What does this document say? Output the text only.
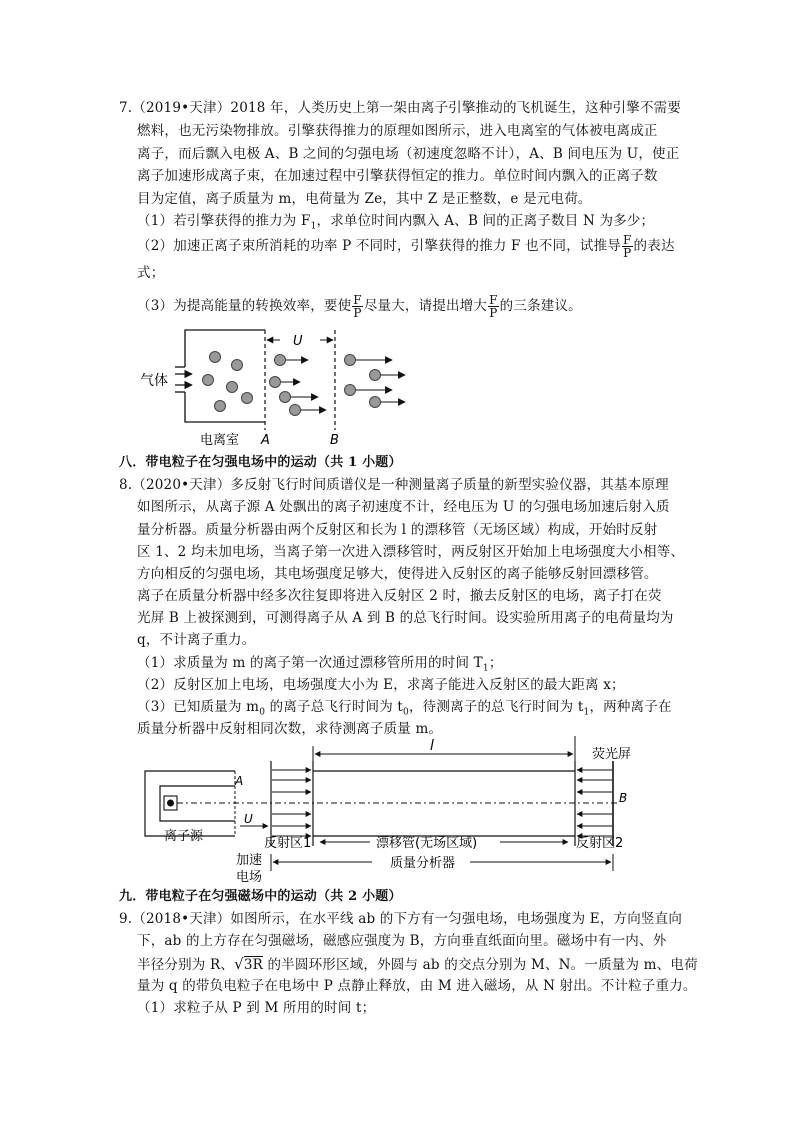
7.（2019•天津）2018 年，人类历史上第一架由离子引擎推动的飞机诞生，这种引擎不需要
燃料，也无污染物排放。引擎获得推力的原理如图所示，进入电离室的气体被电离成正
离子，而后飘入电极 A、B 之间的匀强电场（初速度忽略不计），A、B 间电压为 U，使正
离子加速形成离子束，在加速过程中引擎获得恒定的推力。单位时间内飘入的正离子数
目为定值，离子质量为 m，电荷量为 Ze，其中 Z 是正整数，e 是元电荷。
（1）若引擎获得的推力为 $F_1$，求单位时间内飘入 A、B 间的正离子数目 N 为多少；
（2）加速正离子束所消耗的功率 P 不同时，引擎获得的推力 F 也不同，试推导 $\frac{F}{P}$ 的表达
式；
（3）为提高能量的转换效率，要使 $\frac{F}{P}$ 尽量大，请提出增大 $\frac{F}{P}$ 的三条建议。
气体
U
电离室 A	B
八．带电粒子在匀强电场中的运动（共 1 小题）
8.（2020•天津）多反射飞行时间质谱仪是一种测量离子质量的新型实验仪器，其基本原理
如图所示，从离子源 A 处飘出的离子初速度不计，经电压为 U 的匀强电场加速后射入质
量分析器。质量分析器由两个反射区和长为 l 的漂移管（无场区域）构成，开始时反射
区 1、2 均未加电场，当离子第一次进入漂移管时，两反射区开始加上电场强度大小相等、
方向相反的匀强电场，其电场强度足够大，使得进入反射区的离子能够反射回漂移管。
离子在质量分析器中经多次往复即将进入反射区 2 时，撤去反射区的电场，离子打在荧
光屏 B 上被探测到，可测得离子从 A 到 B 的总飞行时间。设实验所用离子的电荷量均为
q，不计离子重力。
（1）求质量为 m 的离子第一次通过漂移管所用的时间 $T_1$；
（2）反射区加上电场，电场强度大小为 E，求离子能进入反射区的最大距离 x；
（3）已知质量为 $m_0$ 的离子总飞行时间为 $t_0$，待测离子的总飞行时间为 $t_1$，两种离子在
质量分析器中反射相同次数，求待测离子质量 m。
l
荧光屏
A
B
U
离子源	反射区1	漂移管(无场区域)	反射区2
加速
电场
质量分析器
九．带电粒子在匀强磁场中的运动（共 2 小题）
9.（2018•天津）如图所示，在水平线 ab 的下方有一匀强电场，电场强度为 E，方向竖直向
下，ab 的上方存在匀强磁场，磁感应强度为 B，方向垂直纸面向里。磁场中有一内、外
半径分别为 R、√3R 的半圆环形区域，外圆与 ab 的交点分别为 M、N。一质量为 m、电荷
量为 q 的带负电粒子在电场中 P 点静止释放，由 M 进入磁场，从 N 射出。不计粒子重力。
（1）求粒子从 P 到 M 所用的时间 t；
